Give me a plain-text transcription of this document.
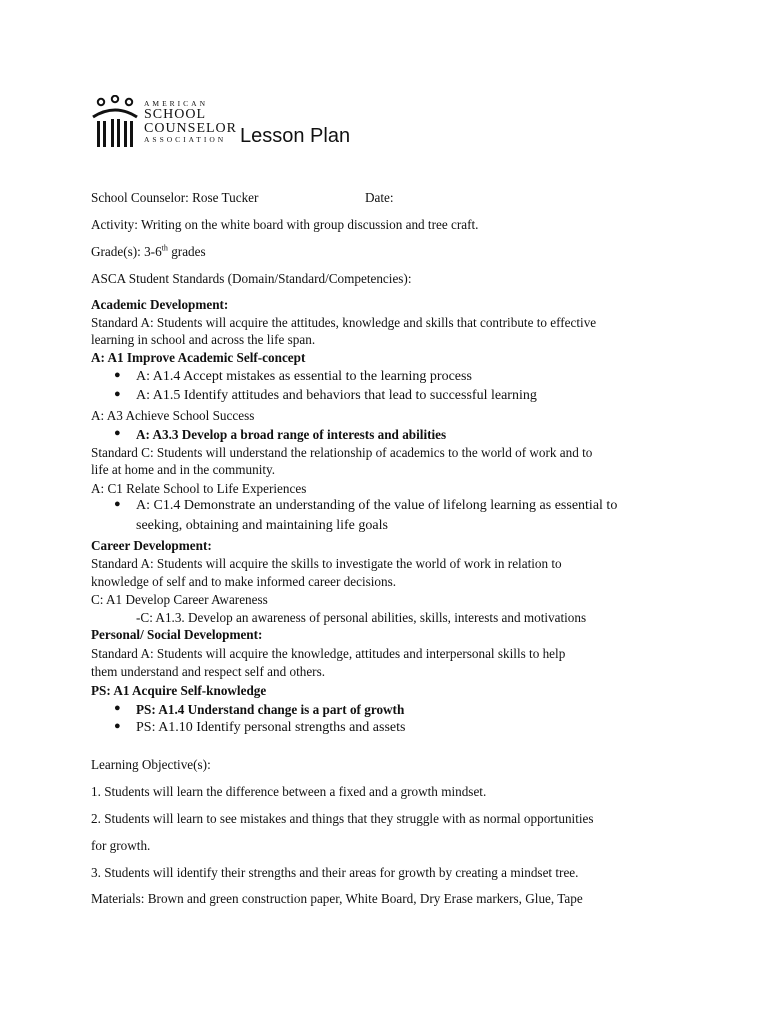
AMERICAN
SCHOOL
COUNSELOR
ASSOCIATION Lesson Plan
School Counselor: Rose Tucker	Date:
Activity: Writing on the white board with group discussion and tree craft.
Grade(s): 3-6th grades
ASCA Student Standards (Domain/Standard/Competencies):
Academic Development:
Standard A: Students will acquire the attitudes, knowledge and skills that contribute to effective
learning in school and across the life span.
A: A1 Improve Academic Self-concept
● A: A1.4 Accept mistakes as essential to the learning process
● A: A1.5 Identify attitudes and behaviors that lead to successful learning
A: A3 Achieve School Success
● A: A3.3 Develop a broad range of interests and abilities
Standard C: Students will understand the relationship of academics to the world of work and to
life at home and in the community.
A: C1 Relate School to Life Experiences
● A: C1.4 Demonstrate an understanding of the value of lifelong learning as essential to
seeking, obtaining and maintaining life goals
Career Development:
Standard A: Students will acquire the skills to investigate the world of work in relation to
knowledge of self and to make informed career decisions.
C: A1 Develop Career Awareness
-C: A1.3. Develop an awareness of personal abilities, skills, interests and motivations
Personal/ Social Development:
Standard A: Students will acquire the knowledge, attitudes and interpersonal skills to help
them understand and respect self and others.
PS: A1 Acquire Self-knowledge
● PS: A1.4 Understand change is a part of growth
● PS: A1.10 Identify personal strengths and assets
Learning Objective(s):
1. Students will learn the difference between a fixed and a growth mindset.
2. Students will learn to see mistakes and things that they struggle with as normal opportunities
for growth.
3. Students will identify their strengths and their areas for growth by creating a mindset tree.
Materials: Brown and green construction paper, White Board, Dry Erase markers, Glue, Tape
